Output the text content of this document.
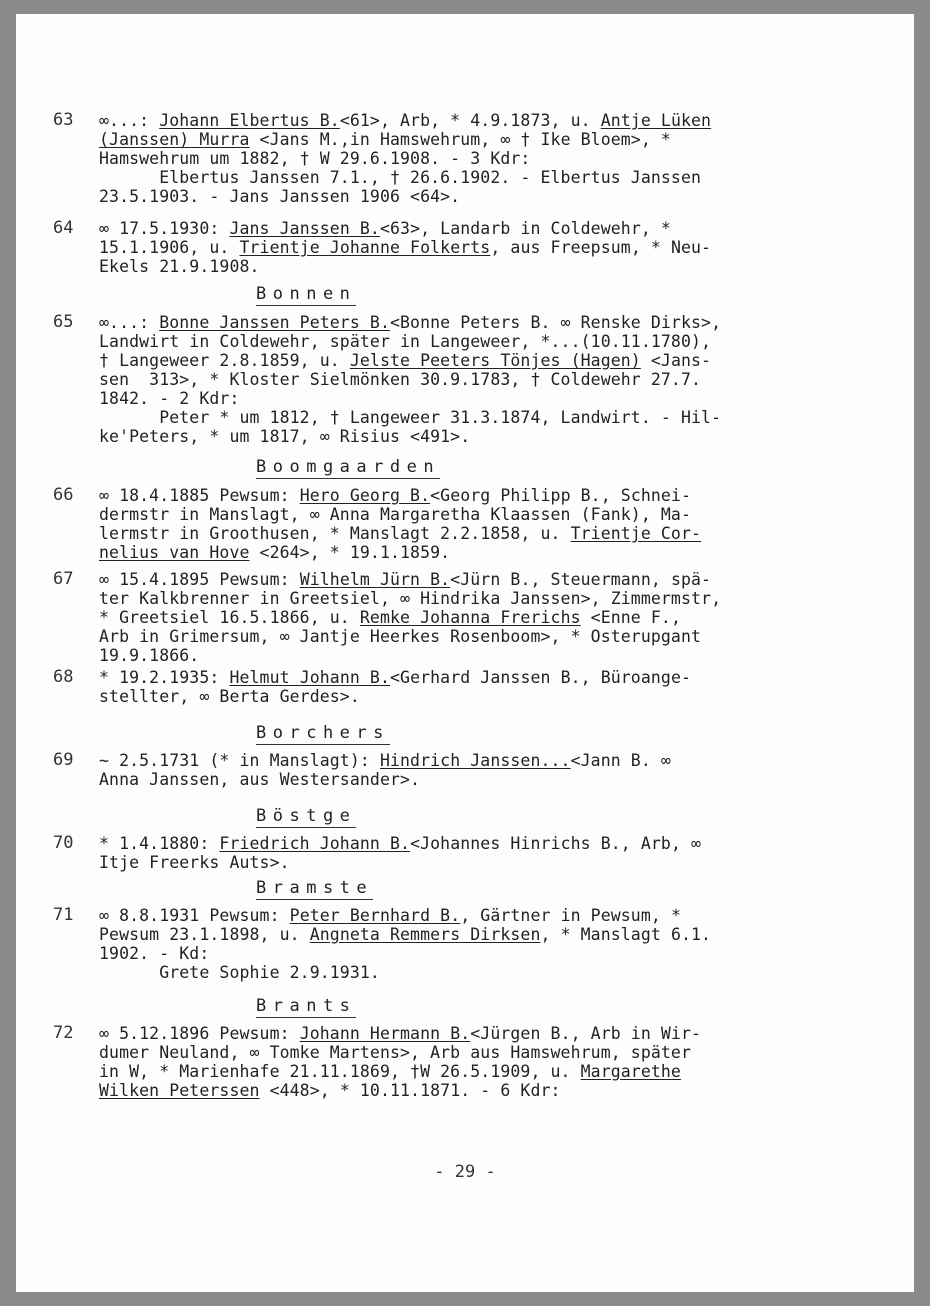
63 ∞...: Johann Elbertus B.<61>, Arb, * 4.9.1873, u. Antje Lüken
(Janssen) Murra <Jans M.,in Hamswehrum, ∞ † Ike Bloem>, *
Hamswehrum um 1882, † W 29.6.1908. - 3 Kdr:
Elbertus Janssen 7.1., † 26.6.1902. - Elbertus Janssen
23.5.1903. - Jans Janssen 1906 <64>.
64 ∞ 17.5.1930: Jans Janssen B.<63>, Landarb in Coldewehr, *
15.1.1906, u. Trientje Johanne Folkerts, aus Freepsum, * Neu-
Ekels 21.9.1908.
Bonnen
65 ∞...: Bonne Janssen Peters B.<Bonne Peters B. ∞ Renske Dirks>,
Landwirt in Coldewehr, später in Langeweer, *...(10.11.1780),
† Langeweer 2.8.1859, u. Jelste Peeters Tönjes (Hagen) <Jans-
sen  313>, * Kloster Sielmönken 30.9.1783, † Coldewehr 27.7.
1842. - 2 Kdr:
Peter * um 1812, † Langeweer 31.3.1874, Landwirt. - Hil-
ke'Peters, * um 1817, ∞ Risius <491>.
Boomgaarden
66 ∞ 18.4.1885 Pewsum: Hero Georg B.<Georg Philipp B., Schnei-
dermstr in Manslagt, ∞ Anna Margaretha Klaassen (Fank), Ma-
lermstr in Groothusen, * Manslagt 2.2.1858, u. Trientje Cor-
nelius van Hove <264>, * 19.1.1859.
67 ∞ 15.4.1895 Pewsum: Wilhelm Jürn B.<Jürn B., Steuermann, spä-
ter Kalkbrenner in Greetsiel, ∞ Hindrika Janssen>, Zimmermstr,
* Greetsiel 16.5.1866, u. Remke Johanna Frerichs <Enne F.,
Arb in Grimersum, ∞ Jantje Heerkes Rosenboom>, * Osterupgant
19.9.1866.
68 * 19.2.1935: Helmut Johann B.<Gerhard Janssen B., Büroange-
stellter, ∞ Berta Gerdes>.
Borchers
69 ~ 2.5.1731 (* in Manslagt): Hindrich Janssen...<Jann B. ∞
Anna Janssen, aus Westersander>.
Böstge
70 * 1.4.1880: Friedrich Johann B.<Johannes Hinrichs B., Arb, ∞
Itje Freerks Auts>.
Bramste
71 ∞ 8.8.1931 Pewsum: Peter Bernhard B., Gärtner in Pewsum, *
Pewsum 23.1.1898, u. Angneta Remmers Dirksen, * Manslagt 6.1.
1902. - Kd:
Grete Sophie 2.9.1931.
Brants
72 ∞ 5.12.1896 Pewsum: Johann Hermann B.<Jürgen B., Arb in Wir-
dumer Neuland, ∞ Tomke Martens>, Arb aus Hamswehrum, später
in W, * Marienhafe 21.11.1869, †W 26.5.1909, u. Margarethe
Wilken Peterssen <448>, * 10.11.1871. - 6 Kdr:
- 29 -
